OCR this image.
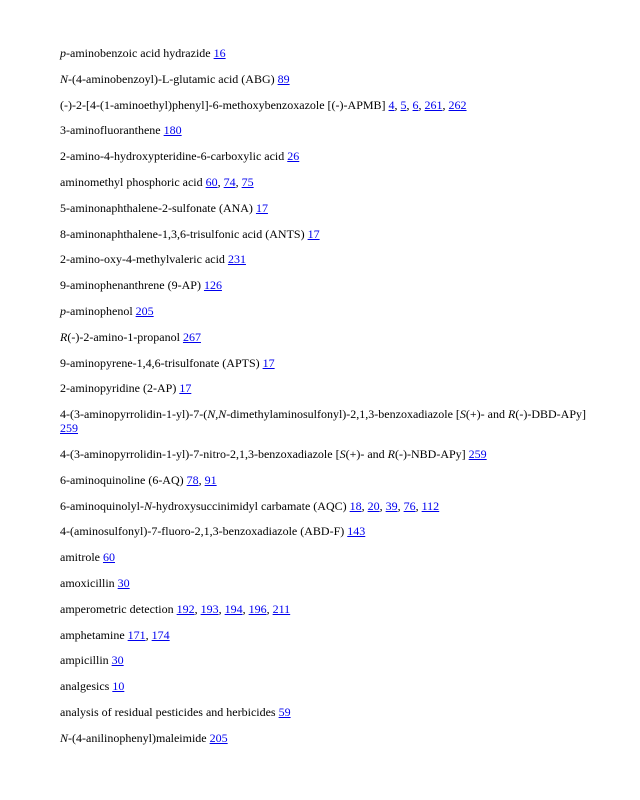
p-aminobenzoic acid hydrazide 16
N-(4-aminobenzoyl)-L-glutamic acid (ABG) 89
(-)-2-[4-(1-aminoethyl)phenyl]-6-methoxybenzoxazole [(-)-APMB] 4, 5, 6, 261, 262
3-aminofluoranthene 180
2-amino-4-hydroxypteridine-6-carboxylic acid 26
aminomethyl phosphoric acid 60, 74, 75
5-aminonaphthalene-2-sulfonate (ANA) 17
8-aminonaphthalene-1,3,6-trisulfonic acid (ANTS) 17
2-amino-oxy-4-methylvaleric acid 231
9-aminophenanthrene (9-AP) 126
p-aminophenol 205
R(-)-2-amino-1-propanol 267
9-aminopyrene-1,4,6-trisulfonate (APTS) 17
2-aminopyridine (2-AP) 17
4-(3-aminopyrrolidin-1-yl)-7-(N,N-dimethylaminosulfonyl)-2,1,3-benzoxadiazole [S(+)- and R(-)-DBD-APy] 259
4-(3-aminopyrrolidin-1-yl)-7-nitro-2,1,3-benzoxadiazole [S(+)- and R(-)-NBD-APy] 259
6-aminoquinoline (6-AQ) 78, 91
6-aminoquinolyl-N-hydroxysuccinimidyl carbamate (AQC) 18, 20, 39, 76, 112
4-(aminosulfonyl)-7-fluoro-2,1,3-benzoxadiazole (ABD-F) 143
amitrole 60
amoxicillin 30
amperometric detection 192, 193, 194, 196, 211
amphetamine 171, 174
ampicillin 30
analgesics 10
analysis of residual pesticides and herbicides 59
N-(4-anilinophenyl)maleimide 205
